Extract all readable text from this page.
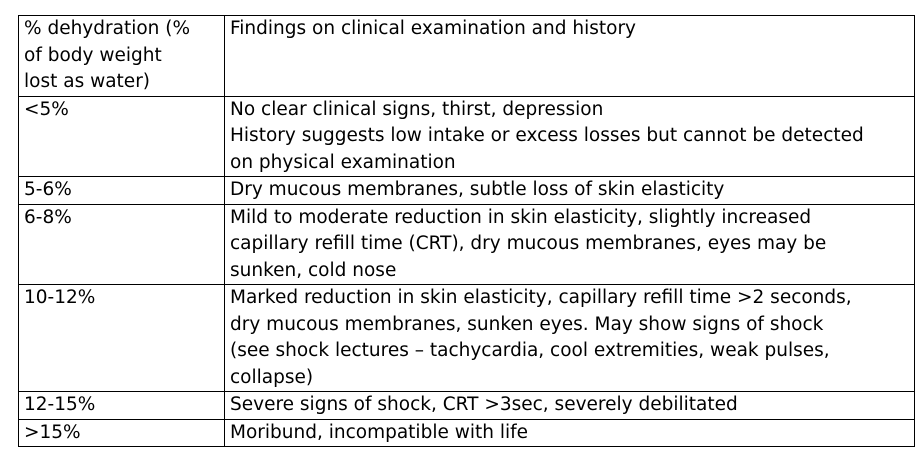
% dehydration (%
of body weight
lost as water)	Findings on clinical examination and history

<5%	No clear clinical signs, thirst, depression
History suggests low intake or excess losses but cannot be detected
on physical examination

5-6%	Dry mucous membranes, subtle loss of skin elasticity

6-8%	Mild to moderate reduction in skin elasticity, slightly increased
capillary refill time (CRT), dry mucous membranes, eyes may be
sunken, cold nose

10-12%	Marked reduction in skin elasticity, capillary refill time >2 seconds,
dry mucous membranes, sunken eyes. May show signs of shock
(see shock lectures – tachycardia, cool extremities, weak pulses,
collapse)

12-15%	Severe signs of shock, CRT >3sec, severely debilitated

>15%	Moribund, incompatible with life
